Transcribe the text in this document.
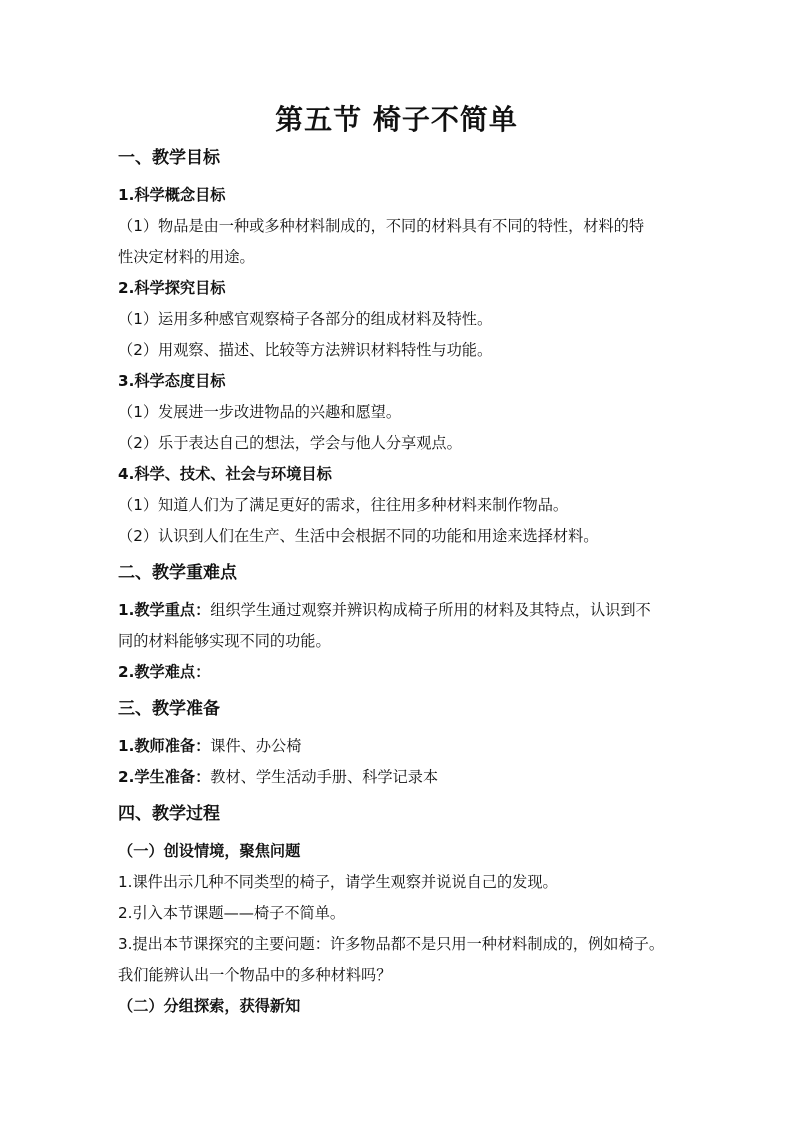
第五节 椅子不简单
一、教学目标
1.科学概念目标
（1）物品是由一种或多种材料制成的，不同的材料具有不同的特性，材料的特
性决定材料的用途。
2.科学探究目标
（1）运用多种感官观察椅子各部分的组成材料及特性。
（2）用观察、描述、比较等方法辨识材料特性与功能。
3.科学态度目标
（1）发展进一步改进物品的兴趣和愿望。
（2）乐于表达自己的想法，学会与他人分享观点。
4.科学、技术、社会与环境目标
（1）知道人们为了满足更好的需求，往往用多种材料来制作物品。
（2）认识到人们在生产、生活中会根据不同的功能和用途来选择材料。
二、教学重难点
1.教学重点：组织学生通过观察并辨识构成椅子所用的材料及其特点，认识到不
同的材料能够实现不同的功能。
2.教学难点：
三、教学准备
1.教师准备：课件、办公椅
2.学生准备：教材、学生活动手册、科学记录本
四、教学过程
（一）创设情境，聚焦问题
1.课件出示几种不同类型的椅子，请学生观察并说说自己的发现。
2.引入本节课题——椅子不简单。
3.提出本节课探究的主要问题：许多物品都不是只用一种材料制成的，例如椅子。
我们能辨认出一个物品中的多种材料吗？
（二）分组探索，获得新知
